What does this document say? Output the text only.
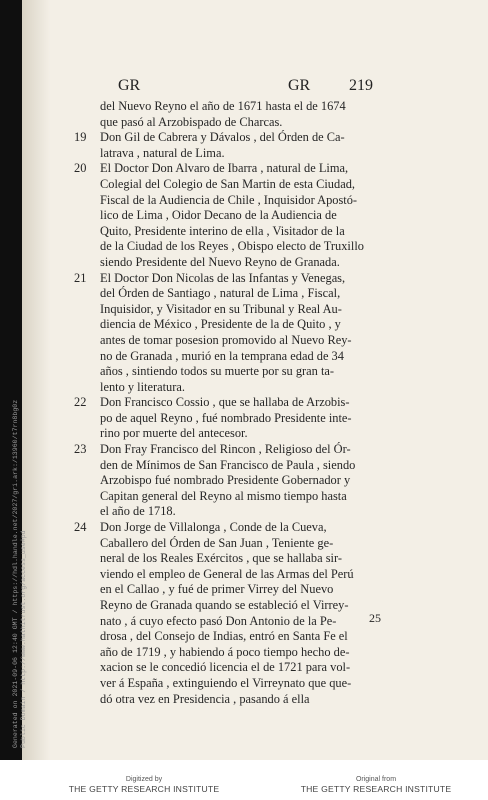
GR	GR 219
del Nuevo Reyno el año de 1671 hasta el de 1674
que pasó al Arzobispado de Charcas.
19	Don Gil de Cabrera y Dávalos , del Órden de Ca-
latrava , natural de Lima.
20	El Doctor Don Alvaro de Ibarra , natural de Lima,
Colegial del Colegio de San Martin de esta Ciudad,
Fiscal de la Audiencia de Chile , Inquisidor Apostó-
lico de Lima , Oidor Decano de la Audiencia de
Quito, Presidente interino de ella , Visitador de la
de la Ciudad de los Reyes , Obispo electo de Truxillo
siendo Presidente del Nuevo Reyno de Granada.
21	El Doctor Don Nicolas de las Infantas y Venegas,
del Órden de Santiago , natural de Lima , Fiscal,
Inquisidor, y Visitador en su Tribunal y Real Au-
diencia de México , Presidente de la de Quito , y
antes de tomar posesion promovido al Nuevo Rey-
no de Granada , murió en la temprana edad de 34
años , sintiendo todos su muerte por su gran ta-
lento y literatura.
22	Don Francisco Cossio , que se hallaba de Arzobis-
po de aquel Reyno , fué nombrado Presidente inte-
rino por muerte del antecesor.
23	Don Fray Francisco del Rincon , Religioso del Ór-
den de Mínimos de San Francisco de Paula , siendo
Arzobispo fué nombrado Presidente Gobernador y
Capitan general del Reyno al mismo tiempo hasta
el año de 1718.
24	Don Jorge de Villalonga , Conde de la Cueva,
Caballero del Órden de San Juan , Teniente ge-
neral de los Reales Exércitos , que se hallaba sir-
viendo el empleo de General de las Armas del Perú
en el Callao , y fué de primer Virrey del Nuevo
Reyno de Granada quando se estableció el Virrey-
nato , á cuyo efecto pasó Don Antonio de la Pe-
drosa , del Consejo de Indias, entró en Santa Fe el
año de 1719 , y habiendo á poco tiempo hecho de-
xacion se le concedió licencia el de 1721 para vol-
ver á España , extinguiendo el Virreynato que que-
dó otra vez en Presidencia , pasando á ella
25
Generated on 2021-09-06 12:40 GMT / https://hdl.handle.net/2027/gri.ark:/13960/t7rn8bg0z Public Domain / http://www.hathitrust.org/access_use#pd
Digitized by
THE GETTY RESEARCH INSTITUTE
Original from
THE GETTY RESEARCH INSTITUTE
